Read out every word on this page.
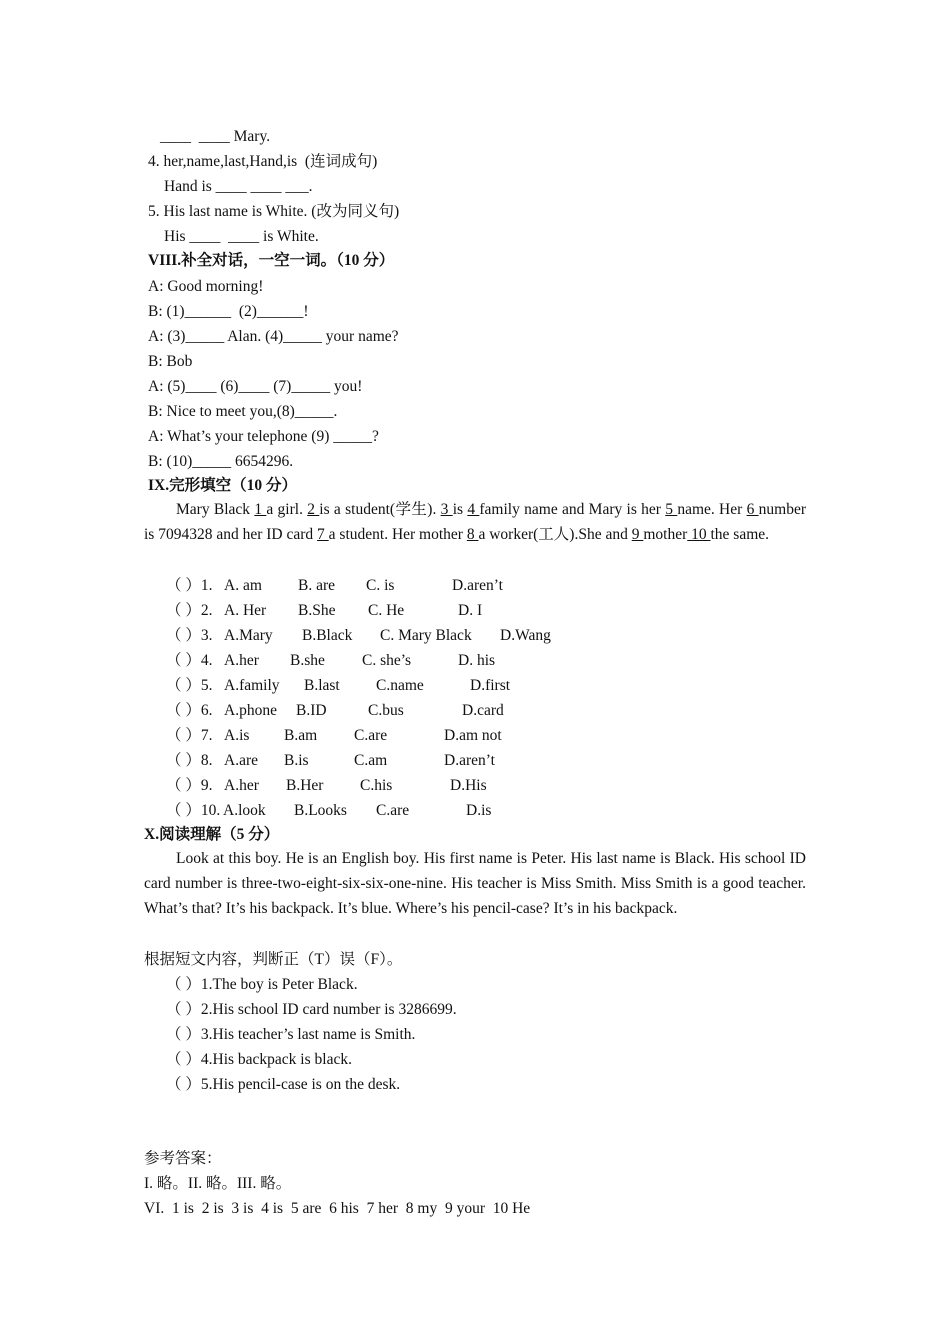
____  ____ Mary.
4. her,name,last,Hand,is  (连词成句)
Hand is ____ ____ ___.
5. His last name is White. (改为同义句)
His ____  ____ is White.
VIII.补全对话，一空一词。（10 分）
A: Good morning!
B: (1)______  (2)______!
A: (3)_____ Alan. (4)_____ your name?
B: Bob
A: (5)____ (6)____ (7)_____ you!
B: Nice to meet you,(8)_____.
A: What’s your telephone (9) _____?
B: (10)_____ 6654296.
IX.完形填空（10 分）
Mary Black 1 a girl. 2 is a student(学生). 3 is 4 family name and Mary is her 5 name. Her 6 number is 7094328 and her ID card 7 a student. Her mother 8 a worker(工人).She and 9 mother 10 the same.
（ ）1. A. am B. are C. is	D.aren’t
（ ）2. A. Her B.She C. He	D. I
（ ）3. A.Mary B.Black C. Mary Black D.Wang
（ ）4. A.her B.she C. she’s	D. his
（ ）5. A.family B.last C.name	D.first
（ ）6. A.phone B.ID	C.bus	D.card
（ ）7. A.is B.am C.are	D.am not
（ ）8. A.are B.is	C.am	D.aren’t
（ ）9. A.her B.Her C.his	D.His
（ ）10. A.look B.Looks C.are	D.is
X.阅读理解（5 分）
Look at this boy. He is an English boy. His first name is Peter. His last name is Black. His school ID card number is three-two-eight-six-six-one-nine. His teacher is Miss Smith. Miss Smith is a good teacher. What’s that? It’s his backpack. It’s blue. Where’s his pencil-case? It’s in his backpack.
根据短文内容，判断正（T）误（F）。
（ ）1.The boy is Peter Black.
（ ）2.His school ID card number is 3286699.
（ ）3.His teacher’s last name is Smith.
（ ）4.His backpack is black.
（ ）5.His pencil-case is on the desk.
参考答案：
I. 略。II. 略。III. 略。
VI.  1 is  2 is  3 is  4 is  5 are  6 his  7 her  8 my  9 your  10 He
